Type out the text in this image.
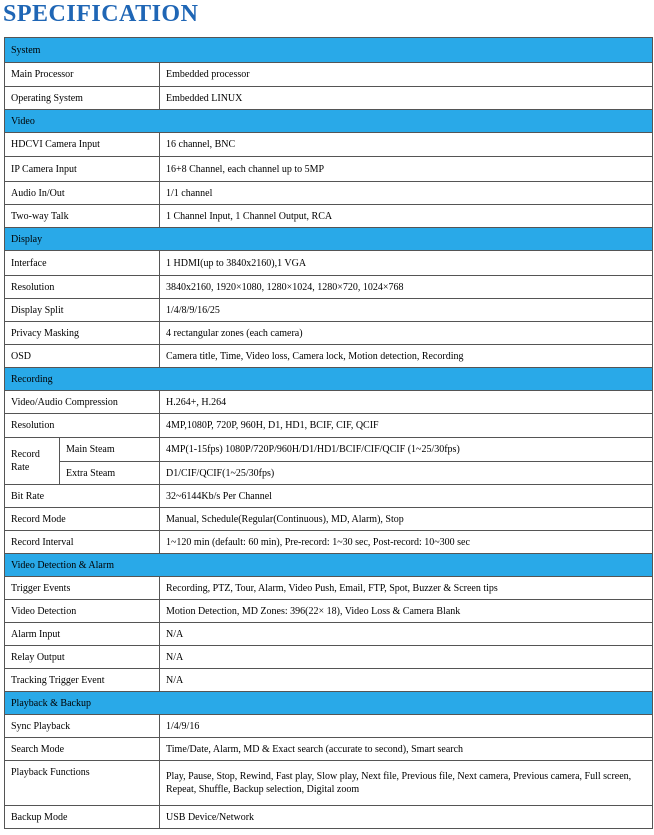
SPECIFICATION
System		
Main Processor		Embedded processor
Operating System		Embedded LINUX
Video		
HDCVI Camera Input		16 channel, BNC
IP Camera Input		16+8 Channel, each channel up to 5MP
Audio In/Out		1/1 channel
Two-way Talk		1 Channel Input, 1 Channel Output, RCA
Display		
Interface		1 HDMI(up to 3840x2160),1 VGA
Resolution		3840x2160, 1920×1080, 1280×1024, 1280×720, 1024×768
Display Split		1/4/8/9/16/25
Privacy Masking		4 rectangular zones (each camera)
OSD		Camera title, Time, Video loss, Camera lock, Motion detection, Recording
Recording		
Video/Audio Compression		H.264+, H.264
Resolution		4MP,1080P, 720P, 960H, D1, HD1, BCIF, CIF, QCIF
Record
Rate	Main Steam	4MP(1-15fps) 1080P/720P/960H/D1/HD1/BCIF/CIF/QCIF (1~25/30fps)
	Extra Steam	D1/CIF/QCIF(1~25/30fps)
Bit Rate		32~6144Kb/s Per Channel
Record Mode		Manual, Schedule(Regular(Continuous), MD, Alarm), Stop
Record Interval		1~120 min (default: 60 min), Pre-record: 1~30 sec, Post-record: 10~300 sec
Video Detection & Alarm		
Trigger Events		Recording, PTZ, Tour, Alarm, Video Push, Email, FTP, Spot, Buzzer & Screen tips
Video Detection		Motion Detection, MD Zones: 396(22× 18), Video Loss & Camera Blank
Alarm Input		N/A
Relay Output		N/A
Tracking Trigger Event		N/A
Playback & Backup		
Sync Playback		1/4/9/16
Search Mode		Time/Date, Alarm, MD & Exact search (accurate to second), Smart search
Playback Functions		Play, Pause, Stop, Rewind, Fast play, Slow play, Next file, Previous file, Next camera, Previous camera, Full screen, Repeat, Shuffle, Backup selection, Digital zoom
Backup Mode		USB Device/Network
